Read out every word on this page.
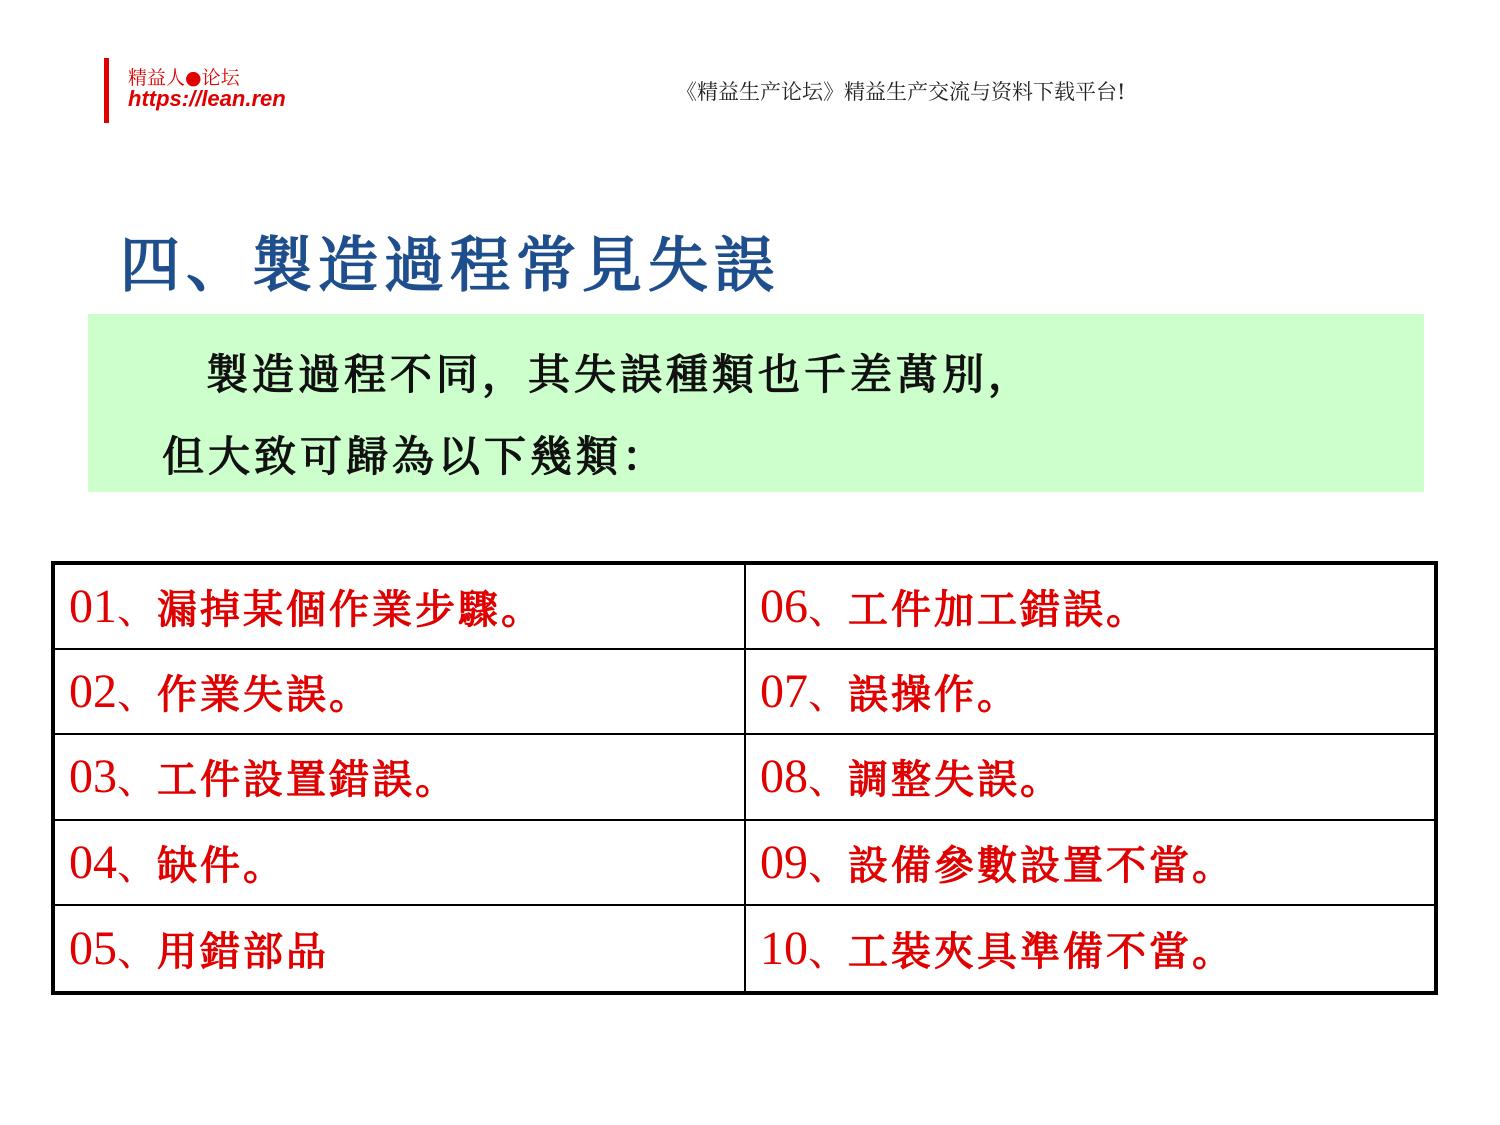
精益人●论坛
https://lean.ren	《精益生产论坛》精益生产交流与资料下载平台!
四、製造過程常見失誤
製造過程不同，其失誤種類也千差萬別，
但大致可歸為以下幾類：
01 、 漏掉某個作業步驟。	06 、 工件加工錯誤。
02 、 作業失誤。	07 、 誤操作。
03 、 工件設置錯誤。	08 、 調整失誤。
04 、 缺件。	09 、 設備參數設置不當。
05 、 用錯部品	10 、 工裝夾具準備不當。
